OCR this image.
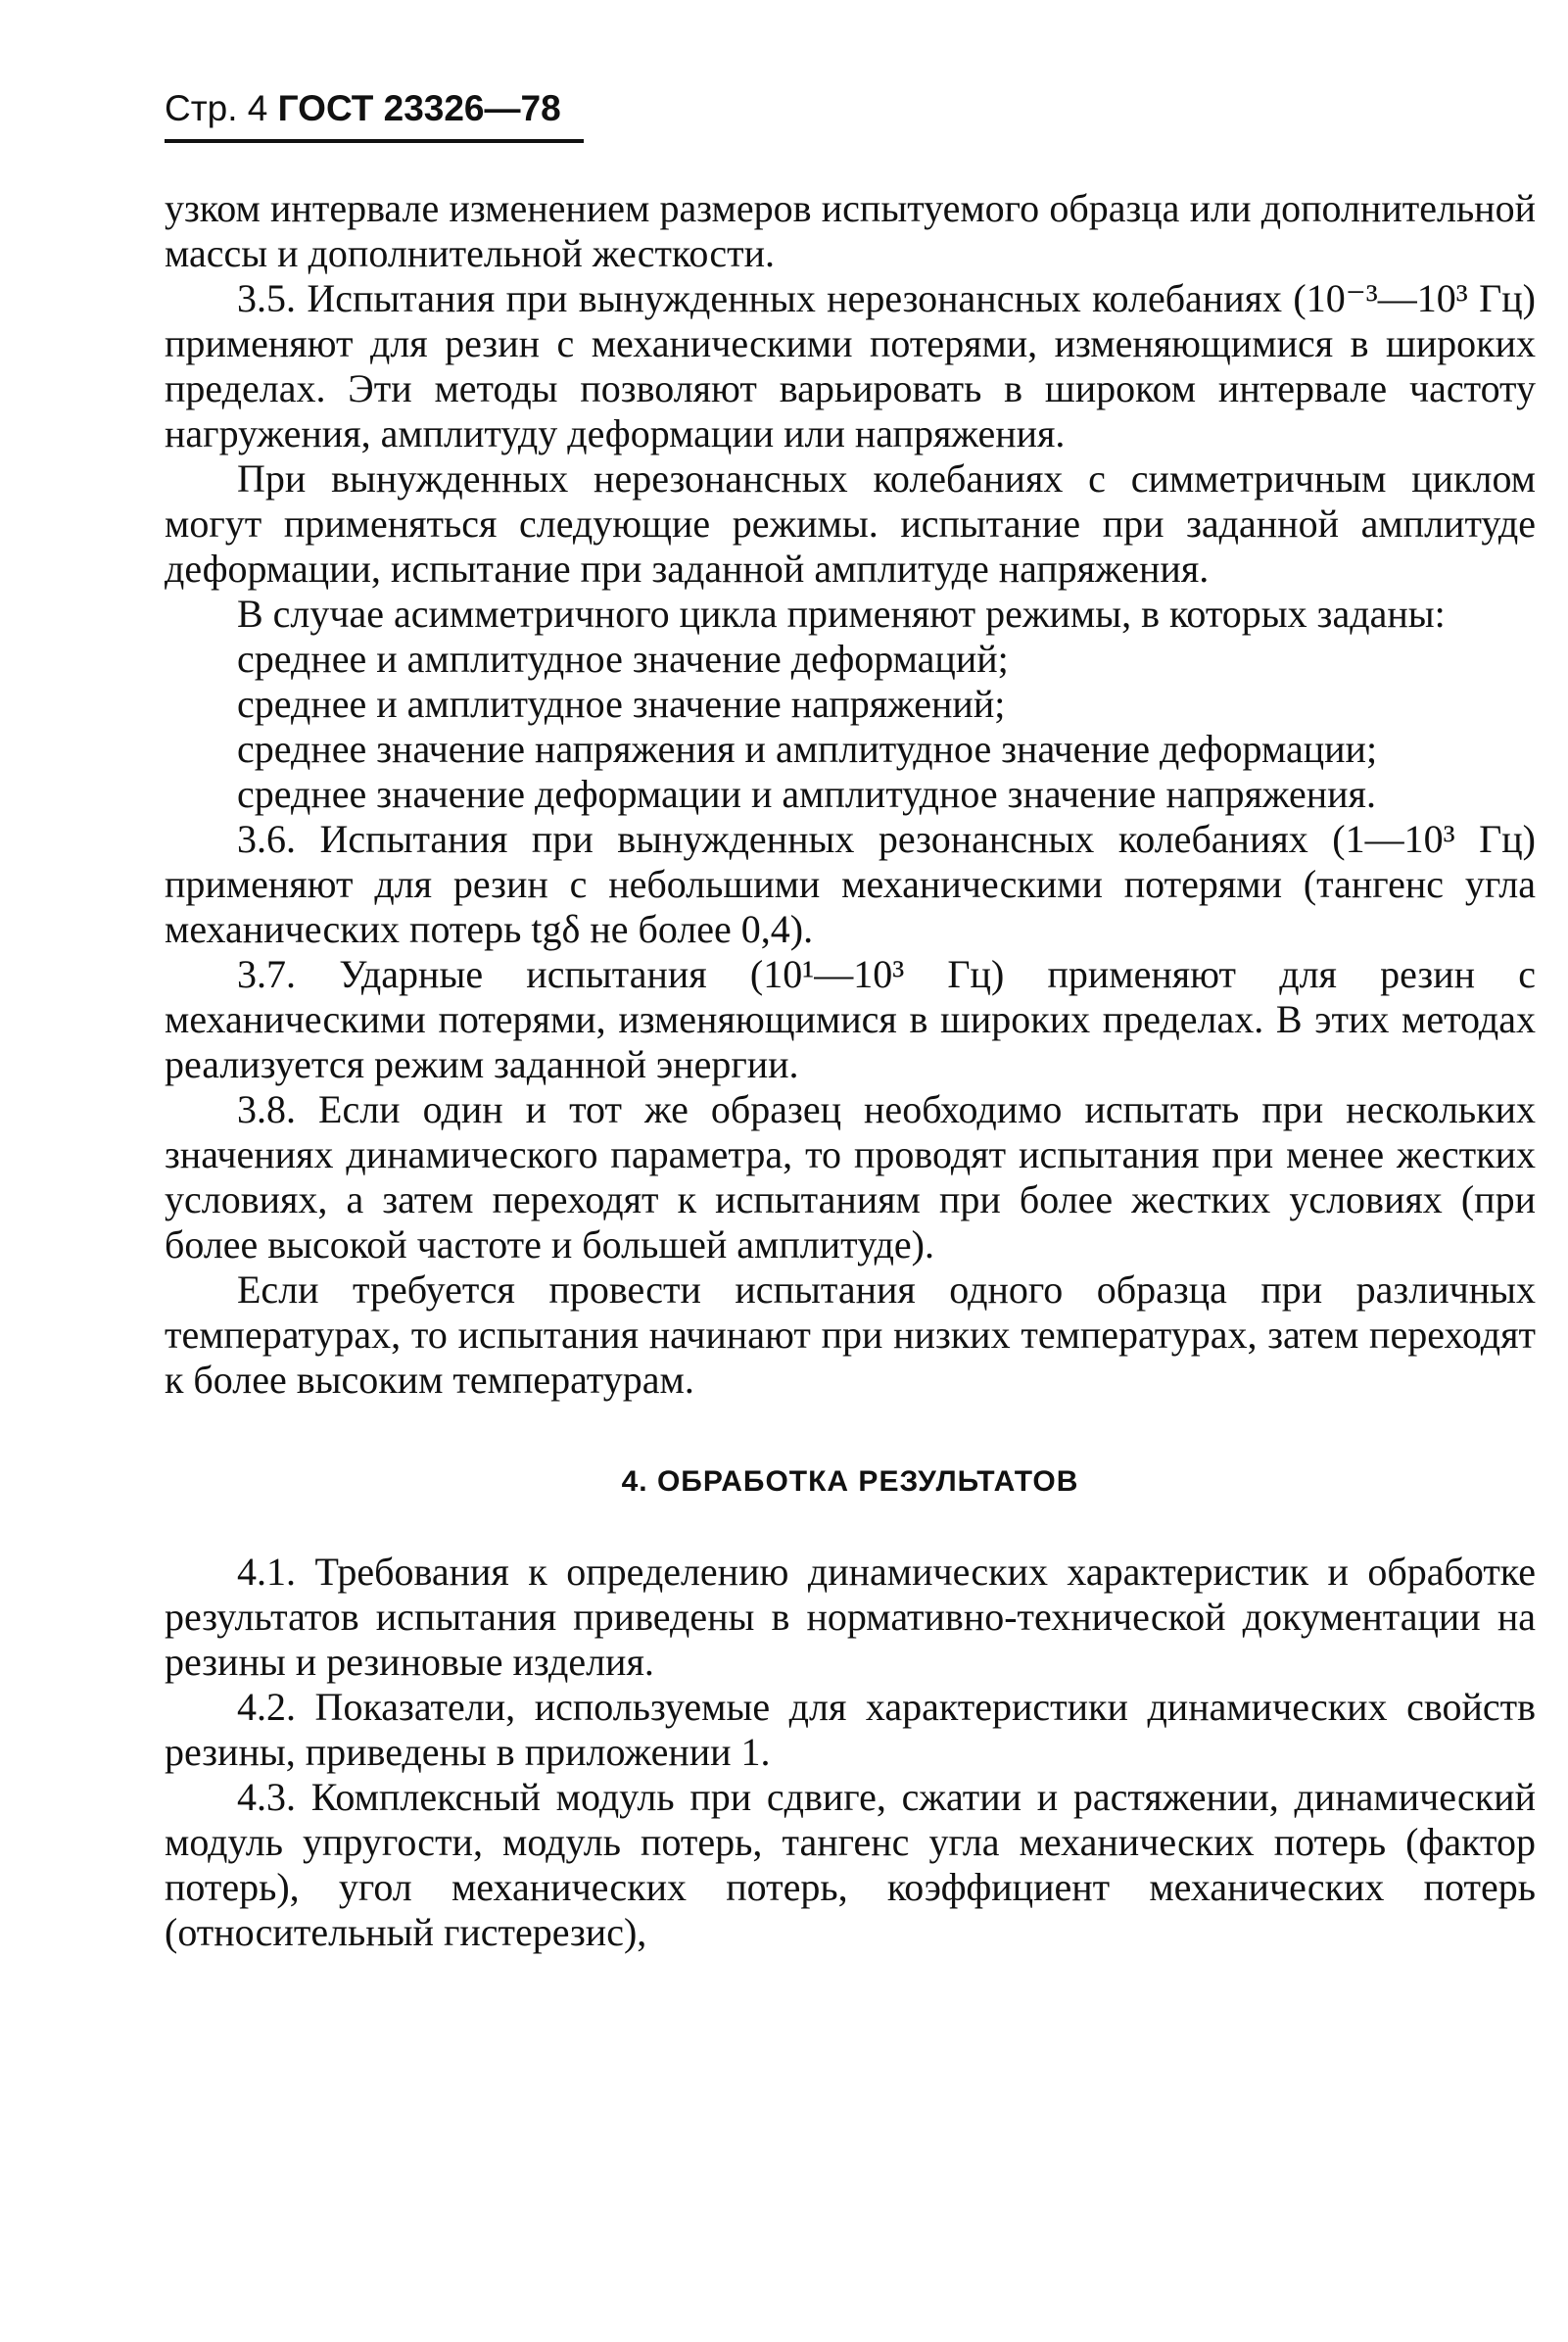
Стр. 4 ГОСТ 23326—78

узком интервале изменением размеров испытуемого образца или дополнительной массы и дополнительной жесткости.

3.5. Испытания при вынужденных нерезонансных колебаниях (10⁻³—10³ Гц) применяют для резин с механическими потерями, изменяющимися в широких пределах. Эти методы позволяют варьировать в широком интервале частоту нагружения, амплитуду деформации или напряжения.

При вынужденных нерезонансных колебаниях с симметричным циклом могут применяться следующие режимы. испытание при заданной амплитуде деформации, испытание при заданной амплитуде напряжения.

В случае асимметричного цикла применяют режимы, в которых заданы:

среднее и амплитудное значение деформаций;

среднее и амплитудное значение напряжений;

среднее значение напряжения и амплитудное значение деформации;

среднее значение деформации и амплитудное значение напряжения.

3.6. Испытания при вынужденных резонансных колебаниях (1—10³ Гц) применяют для резин с небольшими механическими потерями (тангенс угла механических потерь tgδ не более 0,4).

3.7. Ударные испытания (10¹—10³ Гц) применяют для резин с механическими потерями, изменяющимися в широких пределах. В этих методах реализуется режим заданной энергии.

3.8. Если один и тот же образец необходимо испытать при нескольких значениях динамического параметра, то проводят испытания при менее жестких условиях, а затем переходят к испытаниям при более жестких условиях (при более высокой частоте и большей амплитуде).

Если требуется провести испытания одного образца при различных температурах, то испытания начинают при низких температурах, затем переходят к более высоким температурам.

4. ОБРАБОТКА РЕЗУЛЬТАТОВ

4.1. Требования к определению динамических характеристик и обработке результатов испытания приведены в нормативно-технической документации на резины и резиновые изделия.

4.2. Показатели, используемые для характеристики динамических свойств резины, приведены в приложении 1.

4.3. Комплексный модуль при сдвиге, сжатии и растяжении, динамический модуль упругости, модуль потерь, тангенс угла механических потерь (фактор потерь), угол механических потерь, коэффициент механических потерь (относительный гистерезис),
